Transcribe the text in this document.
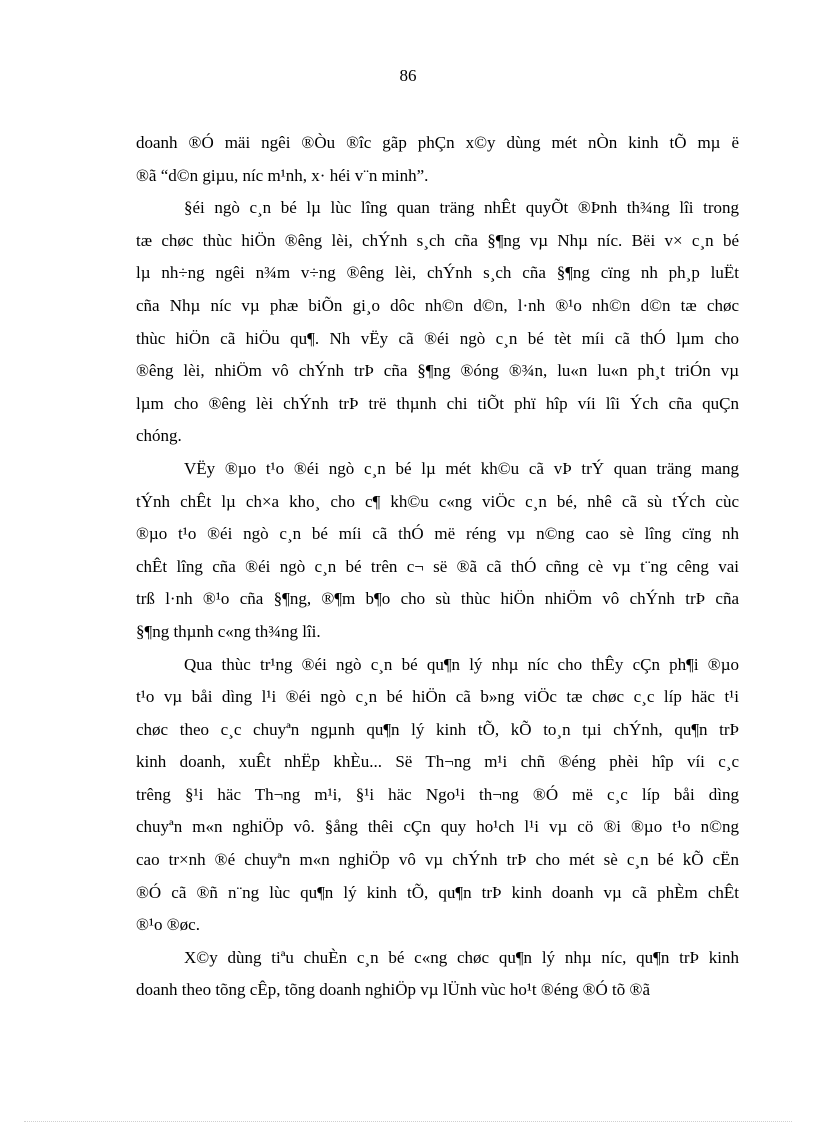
86
doanh ®Ó mäi ngêi ®Òu ®îc gãp phÇn x©y dùng mét nÒn kinh tÕ mµ ë
®ã “d©n giµu, níc m¹nh, x· héi v¨n minh”.
§éi ngò c¸n bé lµ lùc lîng quan träng nhÊt quyÕt ®Þnh th¾ng lîi trong
tæ chøc thùc hiÖn ®êng lèi, chÝnh s¸ch cña §¶ng vµ Nhµ níc. Bëi v× c¸n bé
lµ nh÷ng ngêi n¾m v÷ng ®êng lèi, chÝnh s¸ch cña §¶ng cïng nh ph¸p luËt
cña Nhµ níc vµ phæ biÕn gi¸o dôc nh©n d©n, l·nh ®¹o nh©n d©n tæ chøc
thùc hiÖn cã hiÖu qu¶. Nh vËy cã ®éi ngò c¸n bé tèt míi cã thÓ lµm cho
®êng lèi, nhiÖm vô chÝnh trÞ cña §¶ng ®óng ®¾n, lu«n lu«n ph¸t triÓn vµ
lµm cho ®êng lèi chÝnh trÞ trë thµnh chi tiÕt phï hîp víi lîi Ých cña quÇn
chóng.
VËy ®µo t¹o ®éi ngò c¸n bé lµ mét kh©u cã vÞ trÝ quan träng mang
tÝnh chÊt lµ ch×a kho¸ cho c¶ kh©u c«ng viÖc c¸n bé, nhê cã sù tÝch cùc
®µo t¹o ®éi ngò c¸n bé míi cã thÓ më réng vµ n©ng cao sè lîng cïng nh
chÊt lîng cña ®éi ngò c¸n bé trên c¬ së ®ã cã thÓ cñng cè vµ t¨ng cêng vai
trß l·nh ®¹o cña §¶ng, ®¶m b¶o cho sù thùc hiÖn nhiÖm vô chÝnh trÞ cña
§¶ng thµnh c«ng th¾ng lîi.
Qua thùc tr¹ng ®éi ngò c¸n bé qu¶n lý nhµ níc cho thÊy cÇn ph¶i ®µo
t¹o vµ båi dìng l¹i ®éi ngò c¸n bé hiÖn cã b»ng viÖc tæ chøc c¸c líp häc t¹i
chøc theo c¸c chuyªn ngµnh qu¶n lý kinh tÕ, kÕ to¸n tµi chÝnh, qu¶n trÞ
kinh doanh, xuÊt nhËp khÈu... Së Th¬ng m¹i chñ ®éng phèi hîp víi c¸c
trêng §¹i häc Th¬ng m¹i, §¹i häc Ngo¹i th¬ng ®Ó më c¸c líp båi dìng
chuyªn m«n nghiÖp vô. §ång thêi cÇn quy ho¹ch l¹i vµ cö ®i ®µo t¹o n©ng
cao tr×nh ®é chuyªn m«n nghiÖp vô vµ chÝnh trÞ cho mét sè c¸n bé kÕ cËn
®Ó cã ®ñ n¨ng lùc qu¶n lý kinh tÕ, qu¶n trÞ kinh doanh vµ cã phÈm chÊt
®¹o ®øc.
X©y dùng tiªu chuÈn c¸n bé c«ng chøc qu¶n lý nhµ níc, qu¶n trÞ kinh
doanh theo tõng cÊp, tõng doanh nghiÖp vµ lÜnh vùc ho¹t ®éng ®Ó tõ ®ã
